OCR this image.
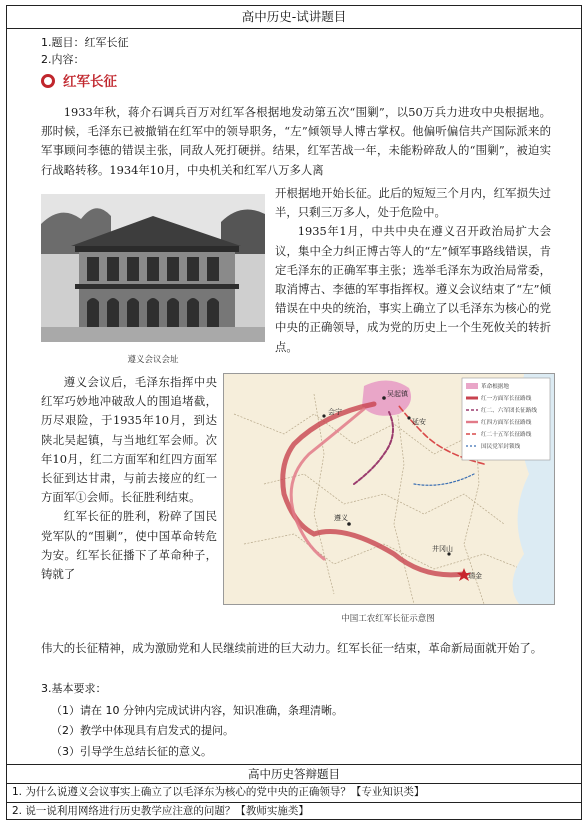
高中历史-试讲题目
1.题目：红军长征
2.内容：
红军长征

1933年秋，蒋介石调兵百万对红军各根据地发动第五次“围剿”，以50万兵力进攻中央根据地。那时候，毛泽东已被撤销在红军中的领导职务，“左”倾领导人博古掌权。他偏听偏信共产国际派来的军事顾问李德的错误主张，同敌人死打硬拼。结果，红军苦战一年，未能粉碎敌人的“围剿”，被迫实行战略转移。1934年10月，中央机关和红军八万多人离

遵义会议会址

开根据地开始长征。此后的短短三个月内，红军损失过半，只剩三万多人，处于危险中。

1935年1月，中共中央在遵义召开政治局扩大会议，集中全力纠正博古等人的“左”倾军事路线错误，肯定毛泽东的正确军事主张；选举毛泽东为政治局常委，取消博古、李德的军事指挥权。遵义会议结束了“左”倾错误在中央的统治，事实上确立了以毛泽东为核心的党中央的正确领导，成为党的历史上一个生死攸关的转折点。

遵义会议后，毛泽东指挥中央红军巧妙地冲破敌人的围追堵截，历尽艰险，于1935年10月，到达陕北吴起镇，与当地红军会师。次年10月，红二方面军和红四方面军长征到达甘肃，与前去接应的红一方面军①会师。长征胜利结束。

红军长征的胜利，粉碎了国民党军队的“围剿”，使中国革命转危为安。红军长征播下了革命种子，铸就了

吴起镇
遵义
瑞金
井冈山
会宁
延安
革命根据地
红一方面军长征路线
红二、六军团长征路线
红四方面军长征路线
红二十五军长征路线
国民党军封锁线
中国工农红军长征示意图

伟大的长征精神，成为激励党和人民继续前进的巨大动力。红军长征一结束，革命新局面就开始了。

3.基本要求：
（1）请在 10 分钟内完成试讲内容，知识准确，条理清晰。
（2）教学中体现具有启发式的提问。
（3）引导学生总结长征的意义。
高中历史答辩题目
1. 为什么说遵义会议事实上确立了以毛泽东为核心的党中央的正确领导？【专业知识类】
2. 说一说利用网络进行历史教学应注意的问题？【教师实施类】
